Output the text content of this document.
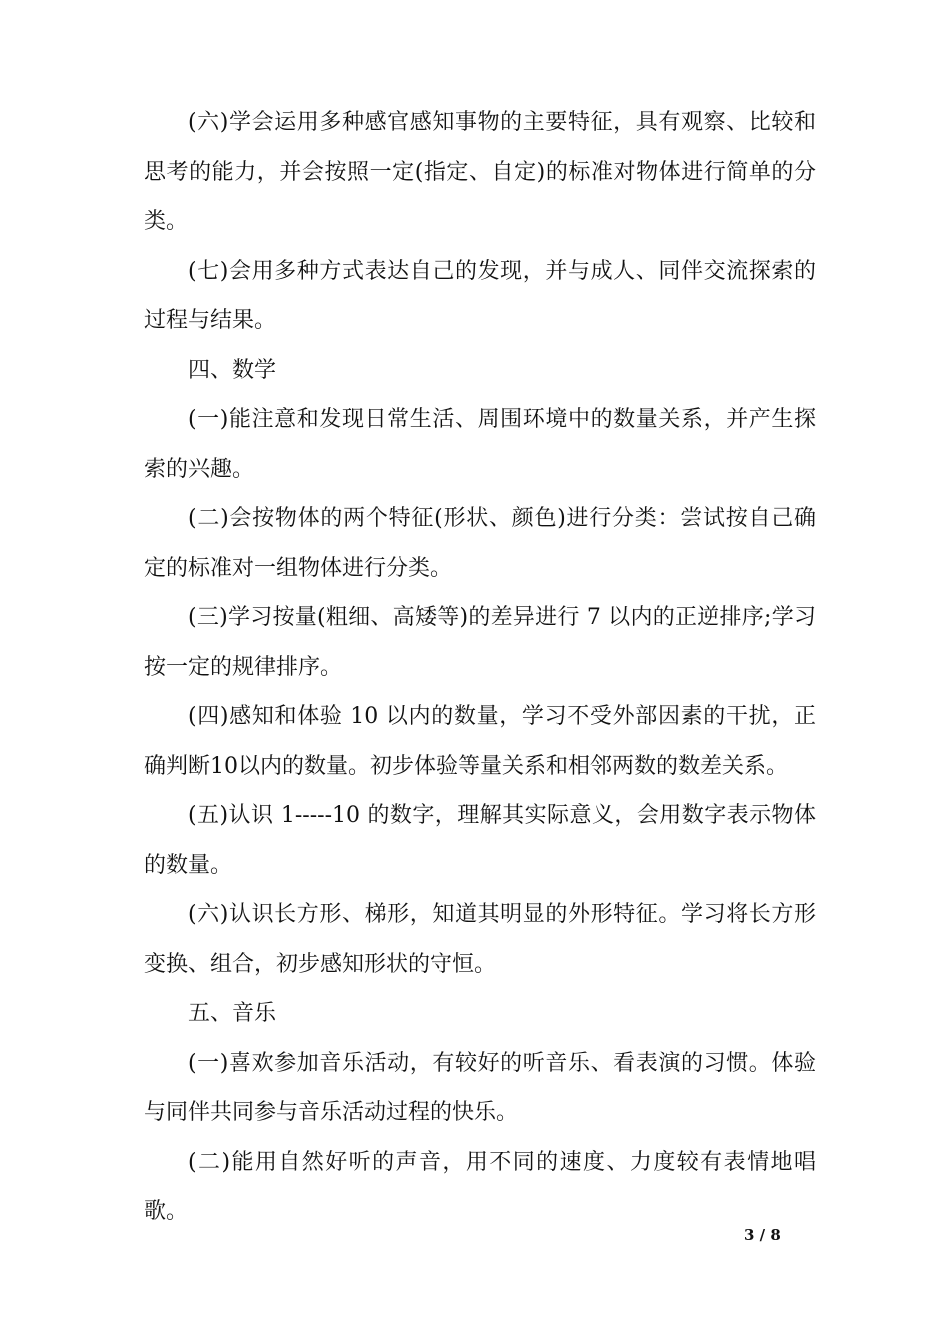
(六)学会运用多种感官感知事物的主要特征，具有观察、比较和思考的能力，并会按照一定(指定、自定)的标准对物体进行简单的分类。

(七)会用多种方式表达自己的发现，并与成人、同伴交流探索的过程与结果。

四、数学

(一)能注意和发现日常生活、周围环境中的数量关系，并产生探索的兴趣。

(二)会按物体的两个特征(形状、颜色)进行分类：尝试按自己确定的标准对一组物体进行分类。

(三)学习按量(粗细、高矮等)的差异进行 7 以内的正逆排序;学习按一定的规律排序。

(四)感知和体验 10 以内的数量，学习不受外部因素的干扰，正确判断10以内的数量。初步体验等量关系和相邻两数的数差关系。

(五)认识 1-----10 的数字，理解其实际意义，会用数字表示物体的数量。

(六)认识长方形、梯形，知道其明显的外形特征。学习将长方形变换、组合，初步感知形状的守恒。

五、音乐

(一)喜欢参加音乐活动，有较好的听音乐、看表演的习惯。体验与同伴共同参与音乐活动过程的快乐。

(二)能用自然好听的声音，用不同的速度、力度较有表情地唱歌。

3 / 8
